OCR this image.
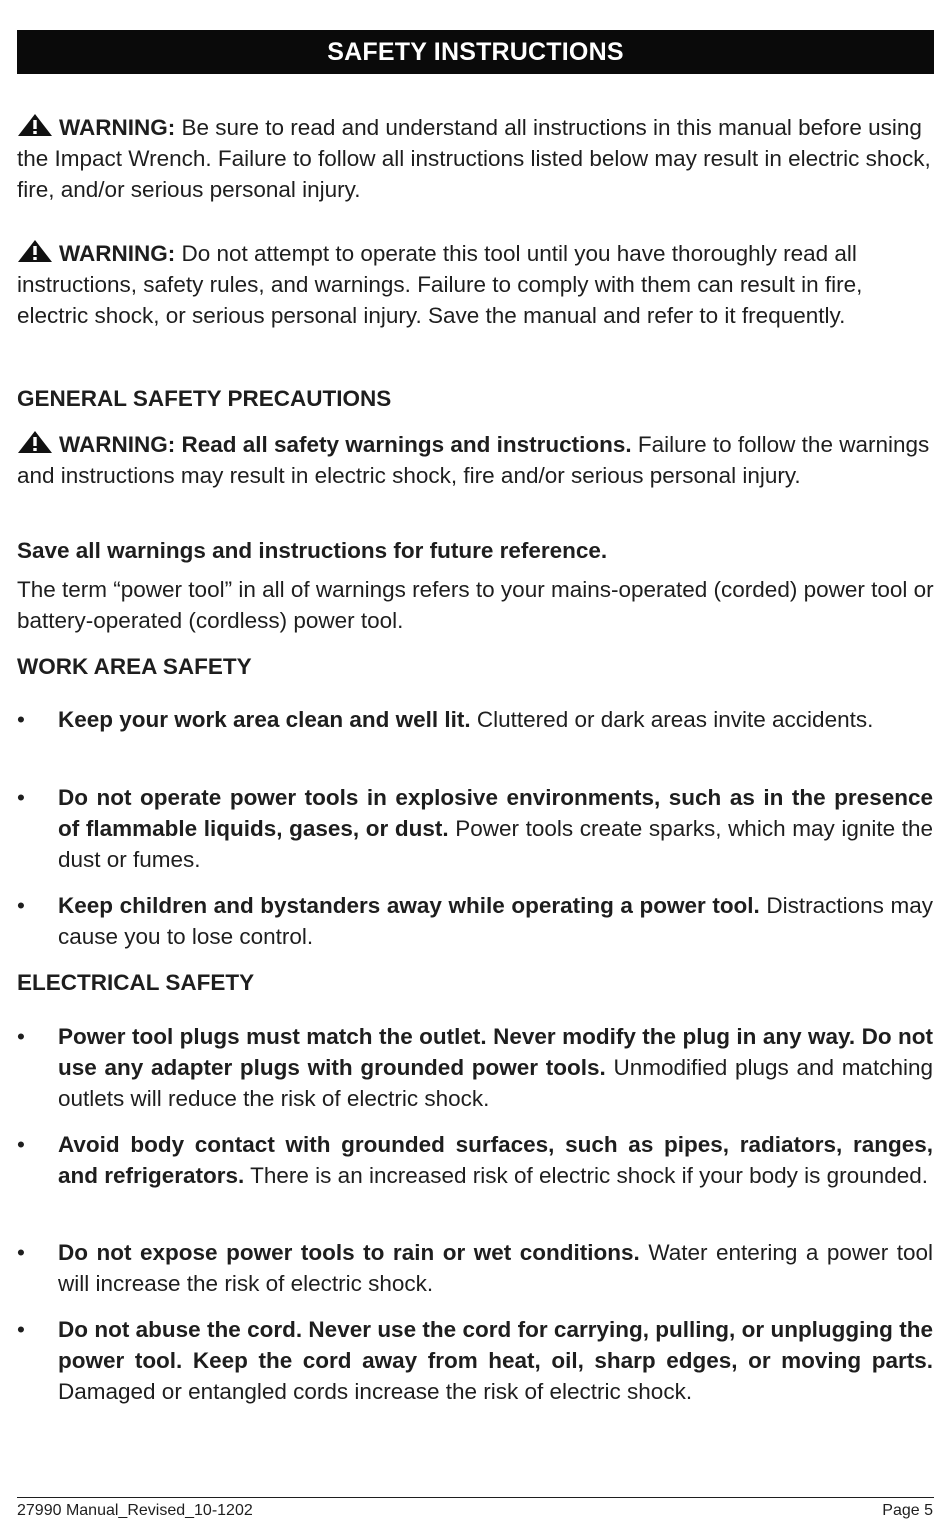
SAFETY INSTRUCTIONS

WARNING: Be sure to read and understand all instructions in this manual before using the Impact Wrench. Failure to follow all instructions listed below may result in electric shock, fire, and/or serious personal injury.

WARNING: Do not attempt to operate this tool until you have thoroughly read all instructions, safety rules, and warnings. Failure to comply with them can result in fire, electric shock, or serious personal injury. Save the manual and refer to it frequently.

GENERAL SAFETY PRECAUTIONS

WARNING: Read all safety warnings and instructions. Failure to follow the warnings and instructions may result in electric shock, fire and/or serious personal injury.

Save all warnings and instructions for future reference.

The term “power tool” in all of warnings refers to your mains-operated (corded) power tool or battery-operated (cordless) power tool.

WORK AREA SAFETY
• Keep your work area clean and well lit. Cluttered or dark areas invite accidents.

• Do not operate power tools in explosive environments, such as in the presence of flammable liquids, gases, or dust. Power tools create sparks, which may ignite the dust or fumes.

• Keep children and bystanders away while operating a power tool. Distractions may cause you to lose control.

ELECTRICAL SAFETY
• Power tool plugs must match the outlet. Never modify the plug in any way. Do not use any adapter plugs with grounded power tools. Unmodified plugs and matching outlets will reduce the risk of electric shock.

• Avoid body contact with grounded surfaces, such as pipes, radiators, ranges, and refrigerators. There is an increased risk of electric shock if your body is grounded.

• Do not expose power tools to rain or wet conditions. Water entering a power tool will increase the risk of electric shock.

• Do not abuse the cord. Never use the cord for carrying, pulling, or unplugging the power tool. Keep the cord away from heat, oil, sharp edges, or moving parts. Damaged or entangled cords increase the risk of electric shock.

27990 Manual_Revised_10-1202	Page 5
